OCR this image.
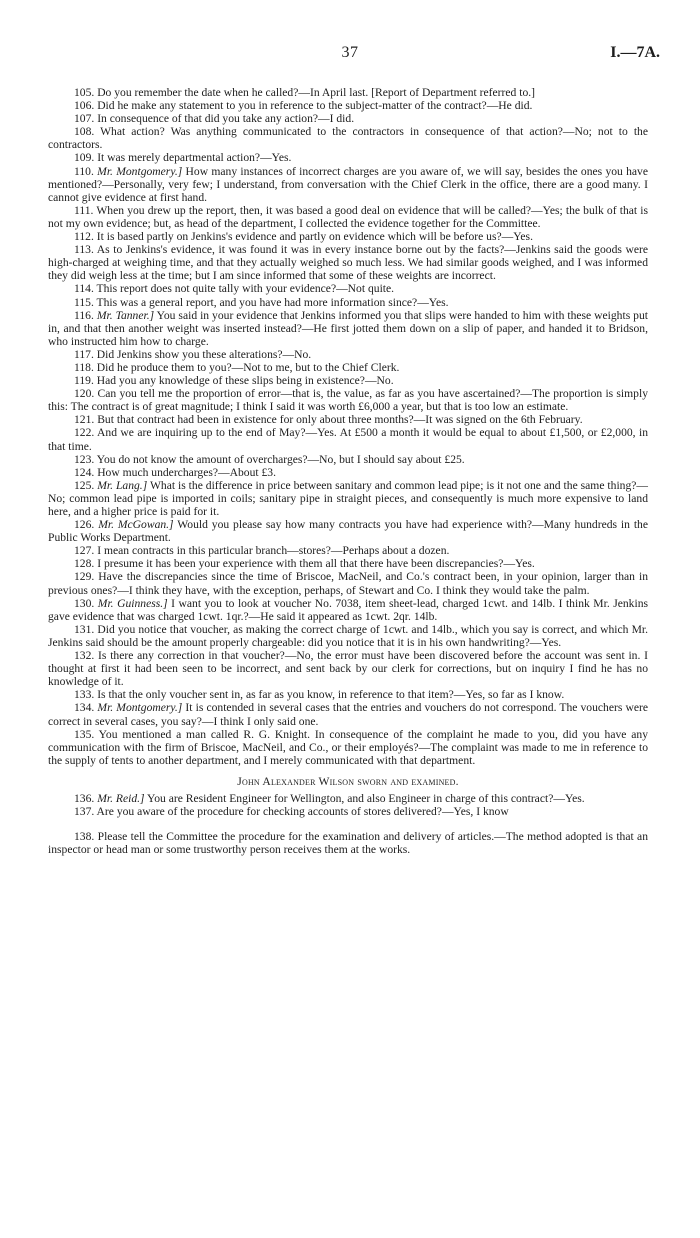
37	I.—7A.

105. Do you remember the date when he called?—In April last. [Report of Department referred to.]

106. Did he make any statement to you in reference to the subject-matter of the contract?—He did.

107. In consequence of that did you take any action?—I did.

108. What action? Was anything communicated to the contractors in consequence of that action?—No; not to the contractors.

109. It was merely departmental action?—Yes.

110. Mr. Montgomery.] How many instances of incorrect charges are you aware of, we will say, besides the ones you have mentioned?—Personally, very few; I understand, from conversation with the Chief Clerk in the office, there are a good many. I cannot give evidence at first hand.

111. When you drew up the report, then, it was based a good deal on evidence that will be called?—Yes; the bulk of that is not my own evidence; but, as head of the department, I collected the evidence together for the Committee.

112. It is based partly on Jenkins's evidence and partly on evidence which will be before us?—Yes.

113. As to Jenkins's evidence, it was found it was in every instance borne out by the facts?—Jenkins said the goods were high-charged at weighing time, and that they actually weighed so much less. We had similar goods weighed, and I was informed they did weigh less at the time; but I am since informed that some of these weights are incorrect.

114. This report does not quite tally with your evidence?—Not quite.

115. This was a general report, and you have had more information since?—Yes.

116. Mr. Tanner.] You said in your evidence that Jenkins informed you that slips were handed to him with these weights put in, and that then another weight was inserted instead?—He first jotted them down on a slip of paper, and handed it to Bridson, who instructed him how to charge.

117. Did Jenkins show you these alterations?—No.

118. Did he produce them to you?—Not to me, but to the Chief Clerk.

119. Had you any knowledge of these slips being in existence?—No.

120. Can you tell me the proportion of error—that is, the value, as far as you have ascertained?—The proportion is simply this: The contract is of great magnitude; I think I said it was worth £6,000 a year, but that is too low an estimate.

121. But that contract had been in existence for only about three months?—It was signed on the 6th February.

122. And we are inquiring up to the end of May?—Yes. At £500 a month it would be equal to about £1,500, or £2,000, in that time.

123. You do not know the amount of overcharges?—No, but I should say about £25.

124. How much undercharges?—About £3.

125. Mr. Lang.] What is the difference in price between sanitary and common lead pipe; is it not one and the same thing?—No; common lead pipe is imported in coils; sanitary pipe in straight pieces, and consequently is much more expensive to land here, and a higher price is paid for it.

126. Mr. McGowan.] Would you please say how many contracts you have had experience with?—Many hundreds in the Public Works Department.

127. I mean contracts in this particular branch—stores?—Perhaps about a dozen.

128. I presume it has been your experience with them all that there have been discrepancies?—Yes.

129. Have the discrepancies since the time of Briscoe, MacNeil, and Co.'s contract been, in your opinion, larger than in previous ones?—I think they have, with the exception, perhaps, of Stewart and Co. I think they would take the palm.

130. Mr. Guinness.] I want you to look at voucher No. 7038, item sheet-lead, charged 1cwt. and 14lb. I think Mr. Jenkins gave evidence that was charged 1cwt. 1qr.?—He said it appeared as 1cwt. 2qr. 14lb.

131. Did you notice that voucher, as making the correct charge of 1cwt. and 14lb., which you say is correct, and which Mr. Jenkins said should be the amount properly chargeable: did you notice that it is in his own handwriting?—Yes.

132. Is there any correction in that voucher?—No, the error must have been discovered before the account was sent in. I thought at first it had been seen to be incorrect, and sent back by our clerk for corrections, but on inquiry I find he has no knowledge of it.

133. Is that the only voucher sent in, as far as you know, in reference to that item?—Yes, so far as I know.

134. Mr. Montgomery.] It is contended in several cases that the entries and vouchers do not correspond. The vouchers were correct in several cases, you say?—I think I only said one.

135. You mentioned a man called R. G. Knight. In consequence of the complaint he made to you, did you have any communication with the firm of Briscoe, MacNeil, and Co., or their employés?—The complaint was made to me in reference to the supply of tents to another department, and I merely communicated with that department.

John Alexander Wilson sworn and examined.

136. Mr. Reid.] You are Resident Engineer for Wellington, and also Engineer in charge of this contract?—Yes.

137. Are you aware of the procedure for checking accounts of stores delivered?—Yes, I know

138. Please tell the Committee the procedure for the examination and delivery of articles.—The method adopted is that an inspector or head man or some trustworthy person receives them at the works.
